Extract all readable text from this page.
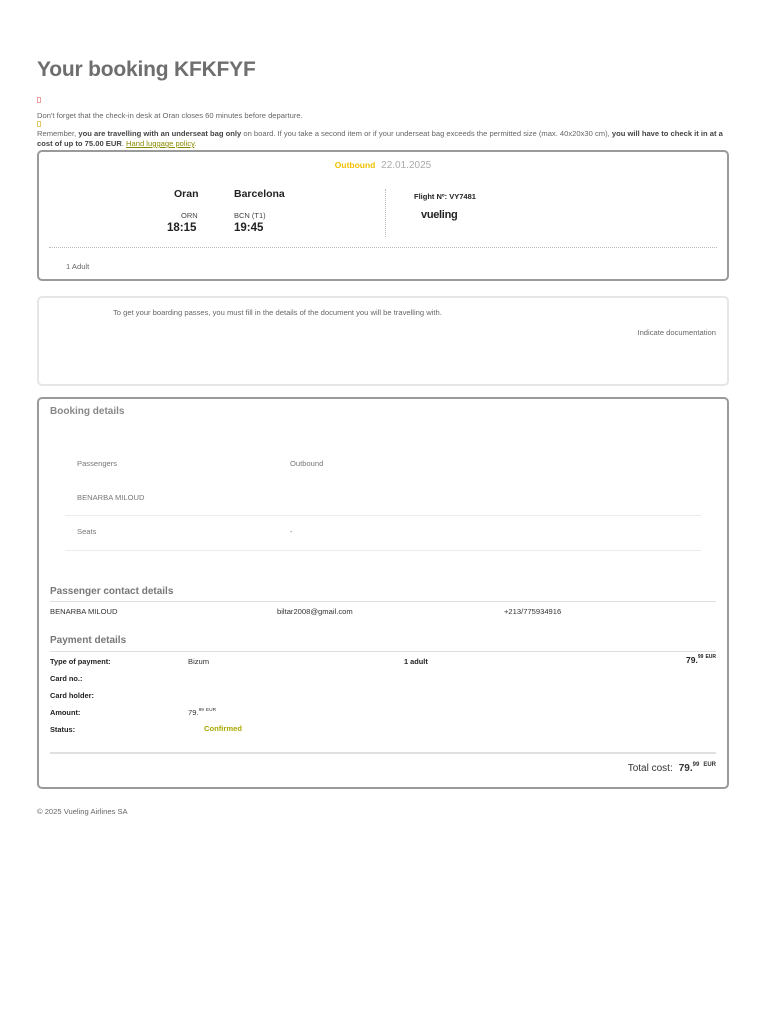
Your booking KFKFYF
Don't forget that the check-in desk at Oran closes 60 minutes before departure.
Remember, you are travelling with an underseat bag only on board. If you take a second item or if your underseat bag exceeds the permitted size (max. 40x20x30 cm), you will have to check it in at a cost of up to 75.00 EUR. Hand luggage policy.
Outbound 22.01.2025
Oran
ORN
18:15
Barcelona
BCN (T1)
19:45
Flight Nº: VY7481
vueling
1 Adult
To get your boarding passes, you must fill in the details of the document you will be travelling with.
Indicate documentation
Booking details
Passengers	Outbound
BENARBA MILOUD
Seats	-
Passenger contact details
BENARBA MILOUD	biltar2008@gmail.com	+213/775934916
Payment details
Type of payment:	Bizum	1 adult	79.99 $^{EUR}$
Card no.:
Card holder:
Amount:	79.99 $^{EUR}$
Status:	Confirmed
Total cost: 79.99 $^{EUR}$
© 2025 Vueling Airlines SA
